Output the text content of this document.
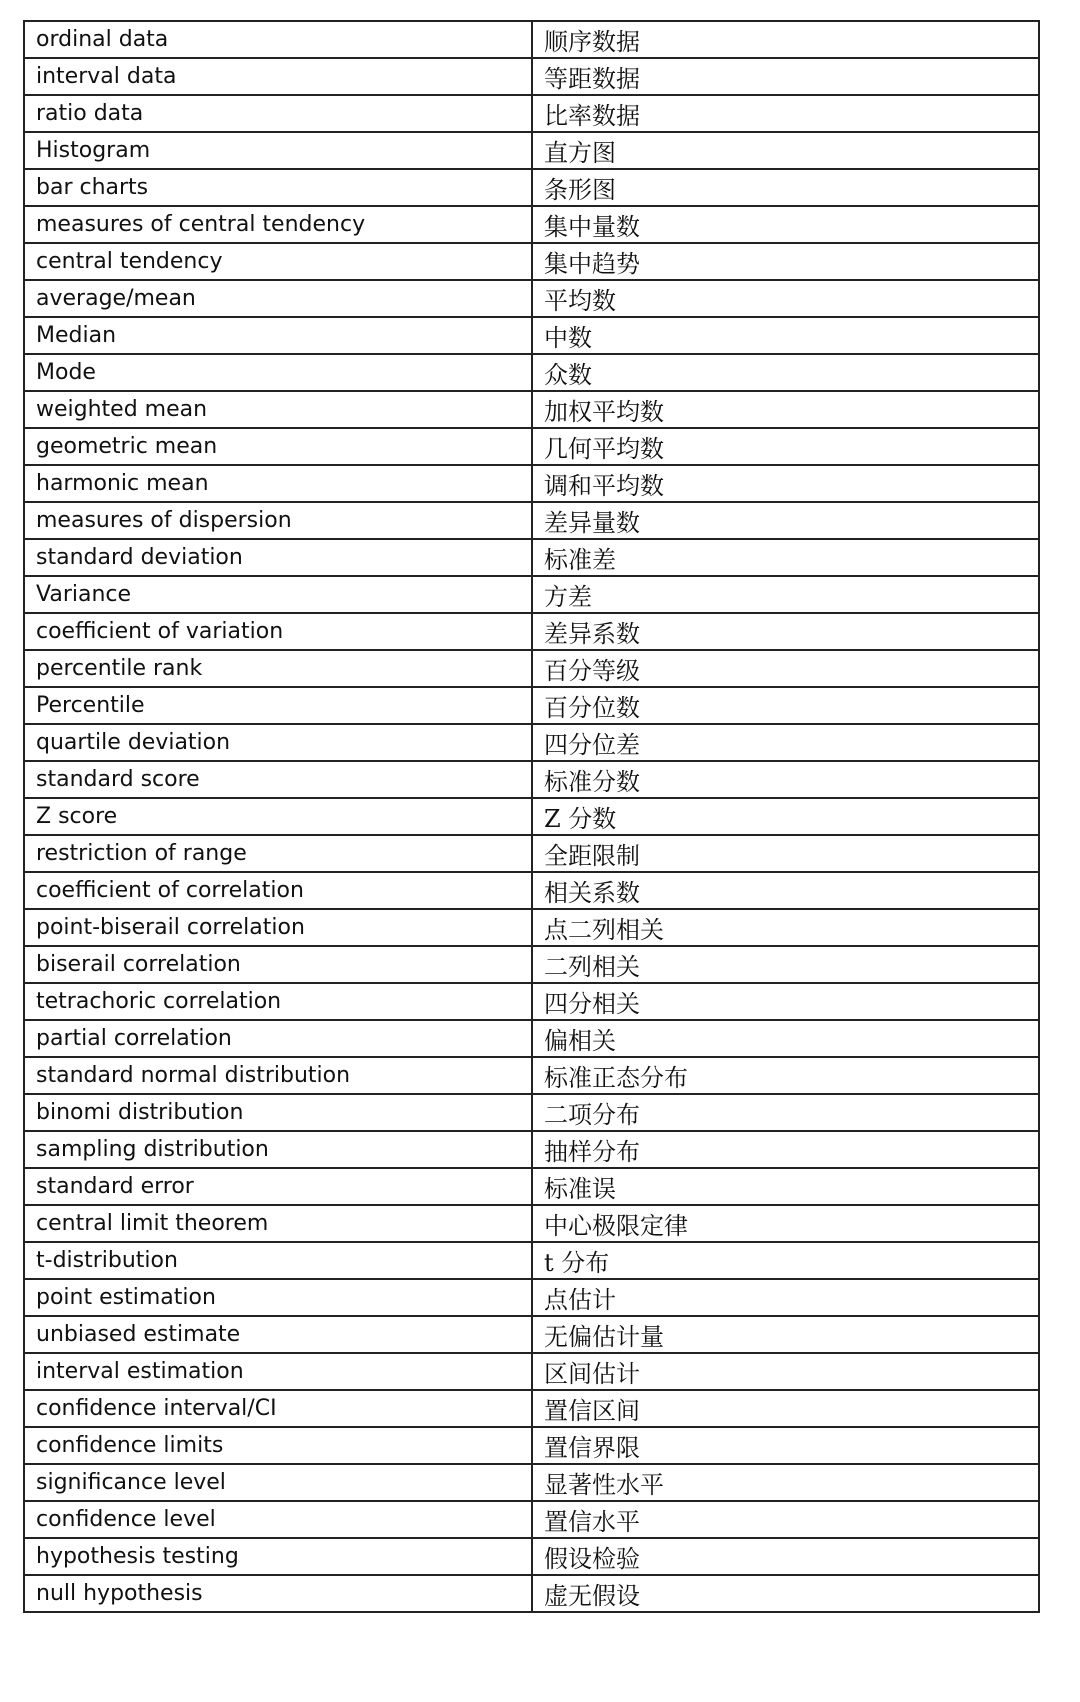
ordinal data	顺序数据
interval data	等距数据
ratio data	比率数据
Histogram	直方图
bar charts	条形图
measures of central tendency	集中量数
central tendency	集中趋势
average/mean	平均数
Median	中数
Mode	众数
weighted mean	加权平均数
geometric mean	几何平均数
harmonic mean	调和平均数
measures of dispersion	差异量数
standard deviation	标准差
Variance	方差
coefficient of variation	差异系数
percentile rank	百分等级
Percentile	百分位数
quartile deviation	四分位差
standard score	标准分数
Z score	Z 分数
restriction of range	全距限制
coefficient of correlation	相关系数
point-biserail correlation	点二列相关
biserail correlation	二列相关
tetrachoric correlation	四分相关
partial correlation	偏相关
standard normal distribution	标准正态分布
binomi distribution	二项分布
sampling distribution	抽样分布
standard error	标准误
central limit theorem	中心极限定律
t-distribution	t 分布
point estimation	点估计
unbiased estimate	无偏估计量
interval estimation	区间估计
confidence interval/CI	置信区间
confidence limits	置信界限
significance level	显著性水平
confidence level	置信水平
hypothesis testing	假设检验
null hypothesis	虚无假设
